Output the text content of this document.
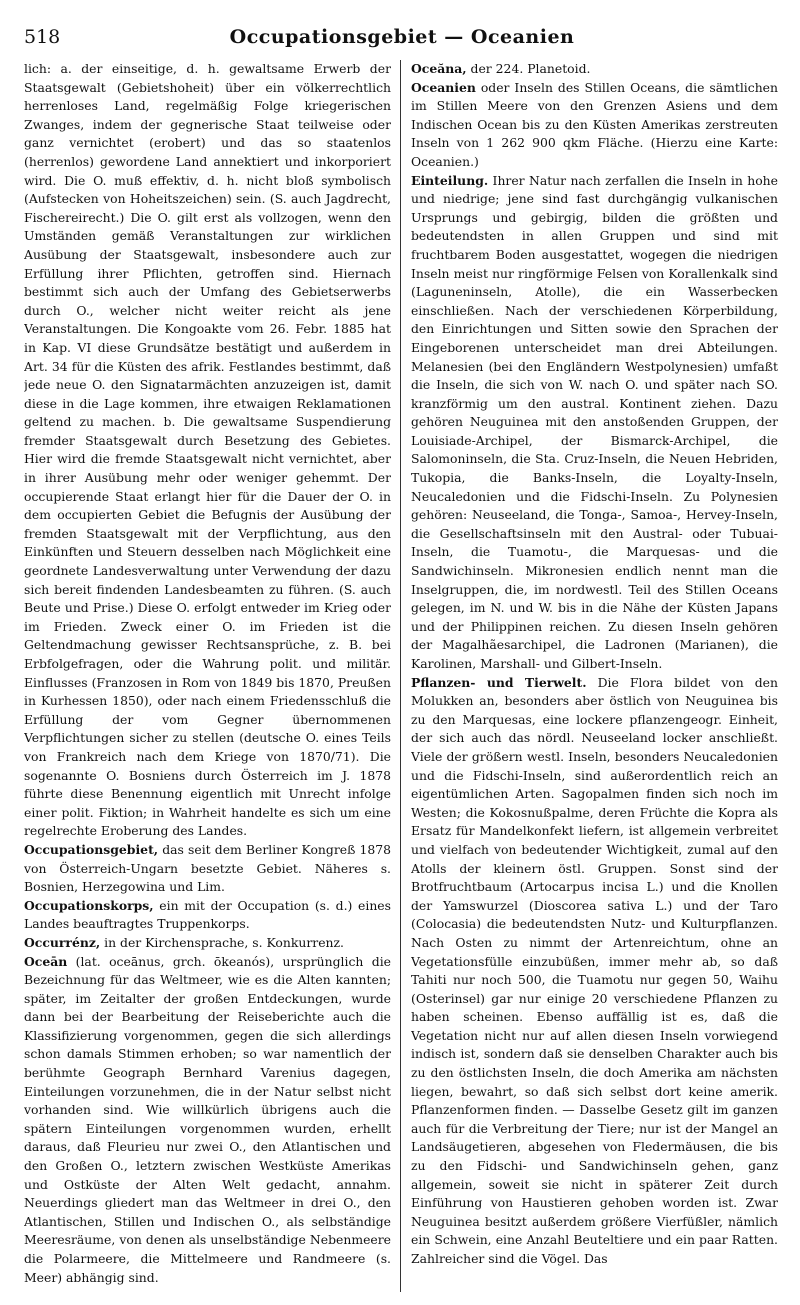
518	Occupationsgebiet — Oceanien

lich: a. der einseitige, d. h. gewaltsame Erwerb der Staatsgewalt (Gebietshoheit) über ein völkerrechtlich herrenloses Land, regelmäßig Folge kriegerischen Zwanges, indem der gegnerische Staat teilweise oder ganz vernichtet (erobert) und das so staatenlos (herrenlos) gewordene Land annektiert und inkorporiert wird. Die O. muß effektiv, d. h. nicht bloß symbolisch (Aufstecken von Hoheitszeichen) sein. (S. auch Jagdrecht, Fischereirecht.) Die O. gilt erst als vollzogen, wenn den Umständen gemäß Veranstaltungen zur wirklichen Ausübung der Staatsgewalt, insbesondere auch zur Erfüllung ihrer Pflichten, getroffen sind. Hiernach bestimmt sich auch der Umfang des Gebietserwerbs durch O., welcher nicht weiter reicht als jene Veranstaltungen. Die Kongoakte vom 26. Febr. 1885 hat in Kap. VI diese Grundsätze bestätigt und außerdem in Art. 34 für die Küsten des afrik. Festlandes bestimmt, daß jede neue O. den Signatarmächten anzuzeigen ist, damit diese in die Lage kommen, ihre etwaigen Reklamationen geltend zu machen. b. Die gewaltsame Suspendierung fremder Staatsgewalt durch Besetzung des Gebietes. Hier wird die fremde Staatsgewalt nicht vernichtet, aber in ihrer Ausübung mehr oder weniger gehemmt. Der occupierende Staat erlangt hier für die Dauer der O. in dem occupierten Gebiet die Befugnis der Ausübung der fremden Staatsgewalt mit der Verpflichtung, aus den Einkünften und Steuern desselben nach Möglichkeit eine geordnete Landesverwaltung unter Verwendung der dazu sich bereit findenden Landesbeamten zu führen. (S. auch Beute und Prise.) Diese O. erfolgt entweder im Krieg oder im Frieden. Zweck einer O. im Frieden ist die Geltendmachung gewisser Rechtsansprüche, z. B. bei Erbfolgefragen, oder die Wahrung polit. und militär. Einflusses (Franzosen in Rom von 1849 bis 1870, Preußen in Kurhessen 1850), oder nach einem Friedensschluß die Erfüllung der vom Gegner übernommenen Verpflichtungen sicher zu stellen (deutsche O. eines Teils von Frankreich nach dem Kriege von 1870/71). Die sogenannte O. Bosniens durch Österreich im J. 1878 führte diese Benennung eigentlich mit Unrecht infolge einer polit. Fiktion; in Wahrheit handelte es sich um eine regelrechte Eroberung des Landes.

Occupationsgebiet, das seit dem Berliner Kongreß 1878 von Österreich-Ungarn besetzte Gebiet. Näheres s. Bosnien, Herzegowina und Lim.

Occupationskorps, ein mit der Occupation (s. d.) eines Landes beauftragtes Truppenkorps.

Occurrénz, in der Kirchensprache, s. Konkurrenz.

Oceān (lat. oceānus, grch. ōkeanós), ursprünglich die Bezeichnung für das Weltmeer, wie es die Alten kannten; später, im Zeitalter der großen Entdeckungen, wurde dann bei der Bearbeitung der Reiseberichte auch die Klassifizierung vorgenommen, gegen die sich allerdings schon damals Stimmen erhoben; so war namentlich der berühmte Geograph Bernhard Varenius dagegen, Einteilungen vorzunehmen, die in der Natur selbst nicht vorhanden sind. Wie willkürlich übrigens auch die spätern Einteilungen vorgenommen wurden, erhellt daraus, daß Fleurieu nur zwei O., den Atlantischen und den Großen O., letztern zwischen Westküste Amerikas und Ostküste der Alten Welt gedacht, annahm. Neuerdings gliedert man das Weltmeer in drei O., den Atlantischen, Stillen und Indischen O., als selbständige Meeresräume, von denen als unselbständige Nebenmeere die Polarmeere, die Mittelmeere und Randmeere (s. Meer) abhängig sind.

Oceăna, der 224. Planetoid.

Oceanien oder Inseln des Stillen Oceans, die sämtlichen im Stillen Meere von den Grenzen Asiens und dem Indischen Ocean bis zu den Küsten Amerikas zerstreuten Inseln von 1 262 900 qkm Fläche. (Hierzu eine Karte: Oceanien.)

Einteilung. Ihrer Natur nach zerfallen die Inseln in hohe und niedrige; jene sind fast durchgängig vulkanischen Ursprungs und gebirgig, bilden die größten und bedeutendsten in allen Gruppen und sind mit fruchtbarem Boden ausgestattet, wogegen die niedrigen Inseln meist nur ringförmige Felsen von Korallenkalk sind (Laguneninseln, Atolle), die ein Wasserbecken einschließen. Nach der verschiedenen Körperbildung, den Einrichtungen und Sitten sowie den Sprachen der Eingeborenen unterscheidet man drei Abteilungen. Melanesien (bei den Engländern Westpolynesien) umfaßt die Inseln, die sich von W. nach O. und später nach SO. kranzförmig um den austral. Kontinent ziehen. Dazu gehören Neuguinea mit den anstoßenden Gruppen, der Louisiade-Archipel, der Bismarck-Archipel, die Salomoninseln, die Sta. Cruz-Inseln, die Neuen Hebriden, Tukopia, die Banks-Inseln, die Loyalty-Inseln, Neucaledonien und die Fidschi-Inseln. Zu Polynesien gehören: Neuseeland, die Tonga-, Samoa-, Hervey-Inseln, die Gesellschaftsinseln mit den Austral- oder Tubuai-Inseln, die Tuamotu-, die Marquesas- und die Sandwichinseln. Mikronesien endlich nennt man die Inselgruppen, die, im nordwestl. Teil des Stillen Oceans gelegen, im N. und W. bis in die Nähe der Küsten Japans und der Philippinen reichen. Zu diesen Inseln gehören der Magalhãesarchipel, die Ladronen (Marianen), die Karolinen, Marshall- und Gilbert-Inseln.

Pflanzen- und Tierwelt. Die Flora bildet von den Molukken an, besonders aber östlich von Neuguinea bis zu den Marquesas, eine lockere pflanzengeogr. Einheit, der sich auch das nördl. Neuseeland locker anschließt. Viele der größern westl. Inseln, besonders Neucaledonien und die Fidschi-Inseln, sind außerordentlich reich an eigentümlichen Arten. Sagopalmen finden sich noch im Westen; die Kokosnußpalme, deren Früchte die Kopra als Ersatz für Mandelkonfekt liefern, ist allgemein verbreitet und vielfach von bedeutender Wichtigkeit, zumal auf den Atolls der kleinern östl. Gruppen. Sonst sind der Brotfruchtbaum (Artocarpus incisa L.) und die Knollen der Yamswurzel (Dioscorea sativa L.) und der Taro (Colocasia) die bedeutendsten Nutz- und Kulturpflanzen. Nach Osten zu nimmt der Artenreichtum, ohne an Vegetationsfülle einzubüßen, immer mehr ab, so daß Tahiti nur noch 500, die Tuamotu nur gegen 50, Waihu (Osterinsel) gar nur einige 20 verschiedene Pflanzen zu haben scheinen. Ebenso auffällig ist es, daß die Vegetation nicht nur auf allen diesen Inseln vorwiegend indisch ist, sondern daß sie denselben Charakter auch bis zu den östlichsten Inseln, die doch Amerika am nächsten liegen, bewahrt, so daß sich selbst dort keine amerik. Pflanzenformen finden. — Dasselbe Gesetz gilt im ganzen auch für die Verbreitung der Tiere; nur ist der Mangel an Landsäugetieren, abgesehen von Fledermäusen, die bis zu den Fidschi- und Sandwichinseln gehen, ganz allgemein, soweit sie nicht in späterer Zeit durch Einführung von Haustieren gehoben worden ist. Zwar Neuguinea besitzt außerdem größere Vierfüßler, nämlich ein Schwein, eine Anzahl Beuteltiere und ein paar Ratten. Zahlreicher sind die Vögel. Das
